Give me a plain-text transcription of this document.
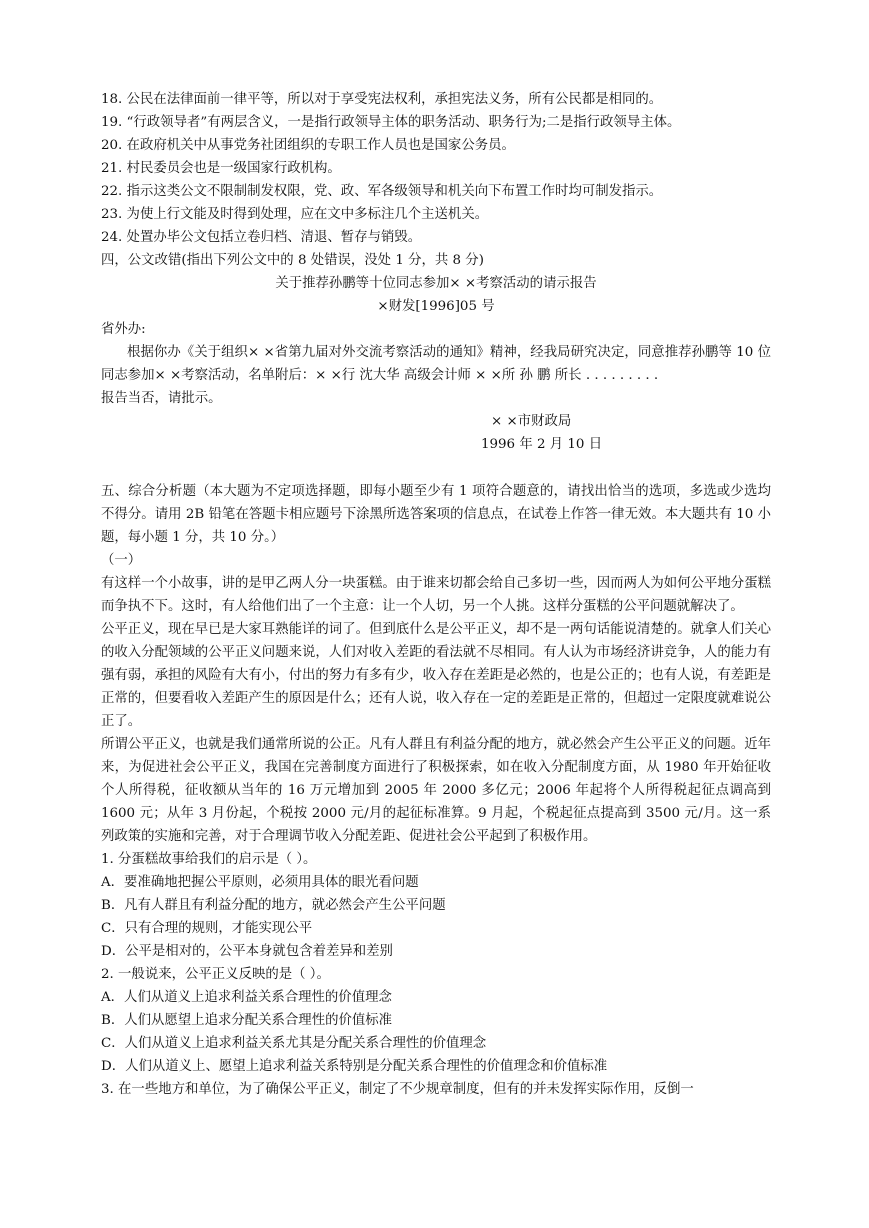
18. 公民在法律面前一律平等，所以对于享受宪法权利，承担宪法义务，所有公民都是相同的。

19. “行政领导者”有两层含义，一是指行政领导主体的职务活动、职务行为;二是指行政领导主体。

20. 在政府机关中从事党务社团组织的专职工作人员也是国家公务员。

21. 村民委员会也是一级国家行政机构。

22. 指示这类公文不限制制发权限，党、政、军各级领导和机关向下布置工作时均可制发指示。

23. 为使上行文能及时得到处理，应在文中多标注几个主送机关。

24. 处置办毕公文包括立卷归档、清退、暂存与销毁。

四，公文改错(指出下列公文中的 8 处错误，没处 1 分，共 8 分)

关于推荐孙鹏等十位同志参加× ×考察活动的请示报告

×财发[1996]05 号

省外办:

根据你办《关于组织× ×省第九届对外交流考察活动的通知》精神，经我局研究决定，同意推荐孙鹏等 10 位同志参加× ×考察活动，名单附后：× ×行 沈大华 高级会计师 × ×所 孙 鹏 所长 . . . . . . . . .

报告当否，请批示。

× ×市财政局

1996 年 2 月 10 日

五、综合分析题（本大题为不定项选择题，即每小题至少有 1 项符合题意的，请找出恰当的选项，多选或少选均不得分。请用 2B 铅笔在答题卡相应题号下涂黑所选答案项的信息点，在试卷上作答一律无效。本大题共有 10 小题，每小题 1 分，共 10 分。）

（一）

有这样一个小故事，讲的是甲乙两人分一块蛋糕。由于谁来切都会给自己多切一些，因而两人为如何公平地分蛋糕而争执不下。这时，有人给他们出了一个主意：让一个人切，另一个人挑。这样分蛋糕的公平问题就解决了。

公平正义，现在早已是大家耳熟能详的词了。但到底什么是公平正义，却不是一两句话能说清楚的。就拿人们关心的收入分配领域的公平正义问题来说，人们对收入差距的看法就不尽相同。有人认为市场经济讲竞争，人的能力有强有弱，承担的风险有大有小，付出的努力有多有少，收入存在差距是必然的，也是公正的；也有人说，有差距是正常的，但要看收入差距产生的原因是什么；还有人说，收入存在一定的差距是正常的，但超过一定限度就难说公正了。

所谓公平正义，也就是我们通常所说的公正。凡有人群且有利益分配的地方，就必然会产生公平正义的问题。近年来，为促进社会公平正义，我国在完善制度方面进行了积极探索，如在收入分配制度方面，从 1980 年开始征收个人所得税，征收额从当年的 16 万元增加到 2005 年 2000 多亿元；2006 年起将个人所得税起征点调高到 1600 元；从年 3 月份起，个税按 2000 元/月的起征标准算。9 月起，个税起征点提高到 3500 元/月。这一系列政策的实施和完善，对于合理调节收入分配差距、促进社会公平起到了积极作用。

1. 分蛋糕故事给我们的启示是（ ）。

A．要准确地把握公平原则，必须用具体的眼光看问题

B．凡有人群且有利益分配的地方，就必然会产生公平问题

C．只有合理的规则，才能实现公平

D．公平是相对的，公平本身就包含着差异和差别

2. 一般说来，公平正义反映的是（ ）。

A．人们从道义上追求利益关系合理性的价值理念

B．人们从愿望上追求分配关系合理性的价值标准

C．人们从道义上追求利益关系尤其是分配关系合理性的价值理念

D．人们从道义上、愿望上追求利益关系特别是分配关系合理性的价值理念和价值标准

3. 在一些地方和单位，为了确保公平正义，制定了不少规章制度，但有的并未发挥实际作用，反倒一
